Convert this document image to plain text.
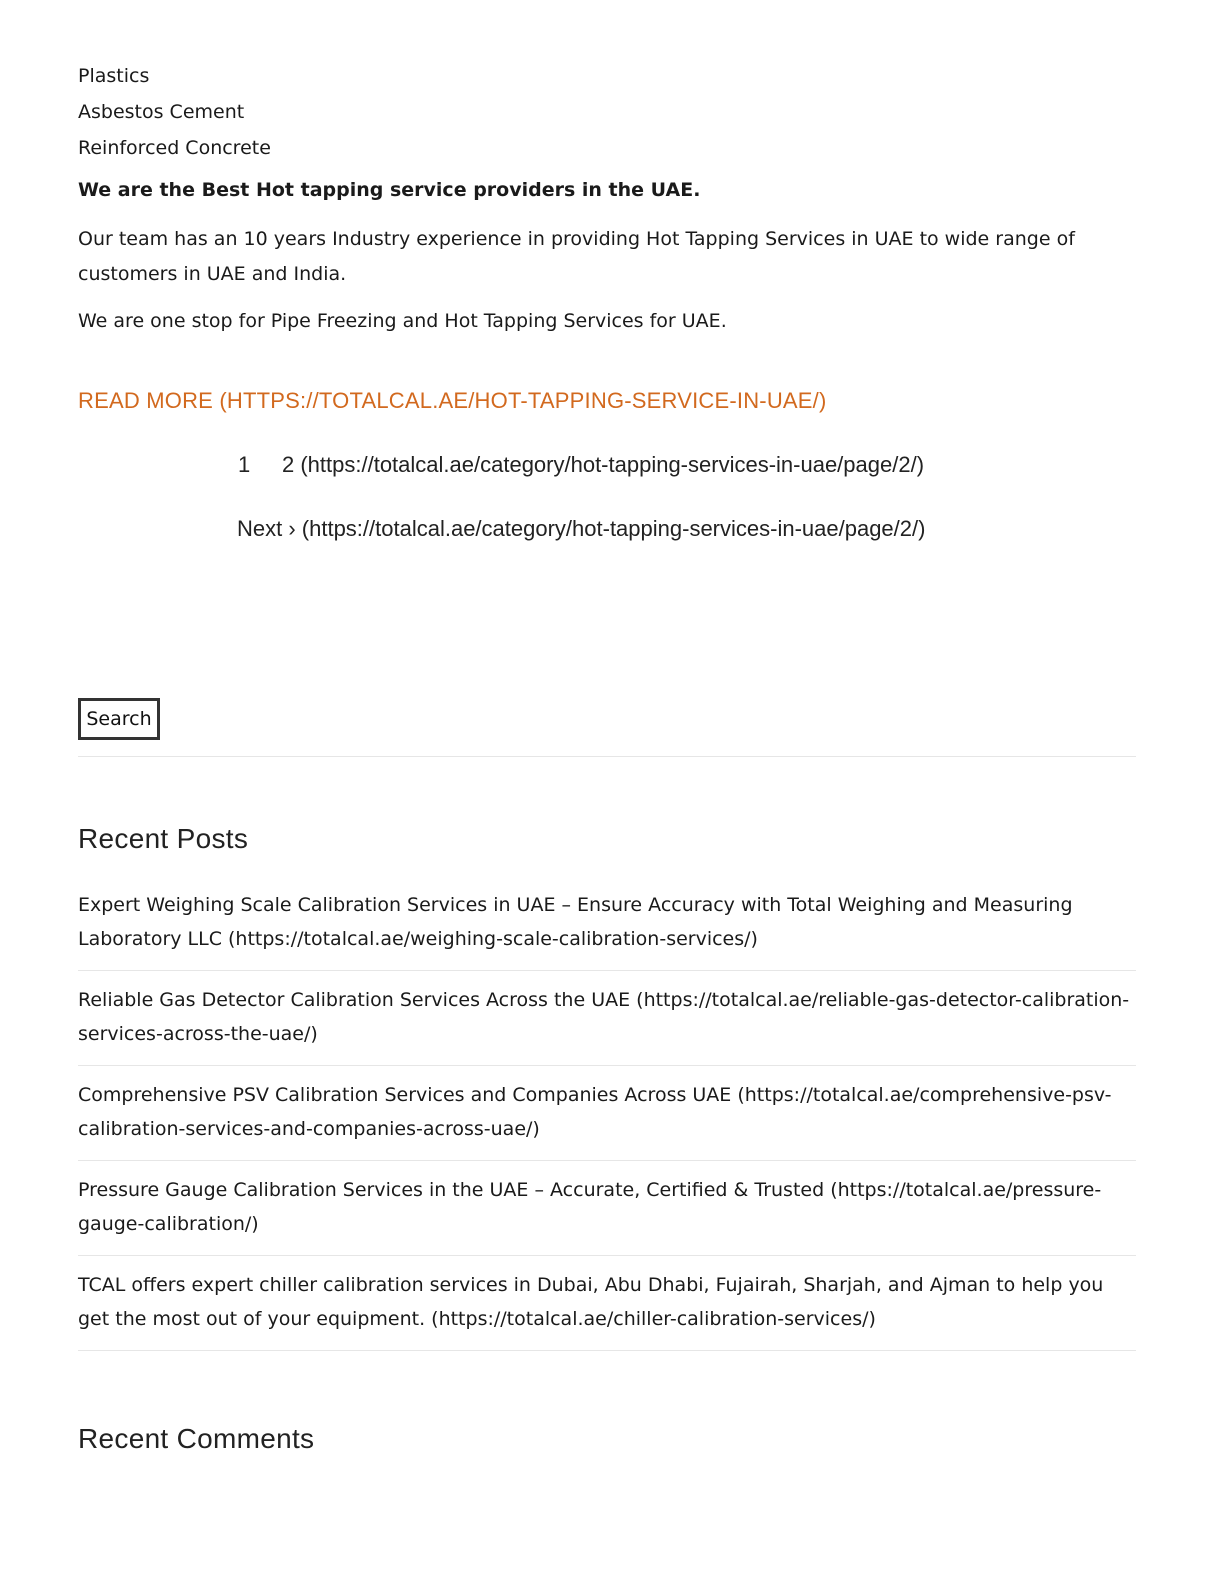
Plastics
Asbestos Cement
Reinforced Concrete
We are the Best Hot tapping service providers in the UAE.
Our team has an 10 years Industry experience in providing Hot Tapping Services in UAE to wide range of customers in UAE and India.
We are one stop for Pipe Freezing and Hot Tapping Services for UAE.
READ MORE (HTTPS://TOTALCAL.AE/HOT-TAPPING-SERVICE-IN-UAE/)
1 2 (https://totalcal.ae/category/hot-tapping-services-in-uae/page/2/)
Next › (https://totalcal.ae/category/hot-tapping-services-in-uae/page/2/)
Search
Recent Posts
Expert Weighing Scale Calibration Services in UAE – Ensure Accuracy with Total Weighing and Measuring Laboratory LLC (https://totalcal.ae/weighing-scale-calibration-services/)
Reliable Gas Detector Calibration Services Across the UAE (https://totalcal.ae/reliable-gas-detector-calibration-services-across-the-uae/)
Comprehensive PSV Calibration Services and Companies Across UAE (https://totalcal.ae/comprehensive-psv-calibration-services-and-companies-across-uae/)
Pressure Gauge Calibration Services in the UAE – Accurate, Certified & Trusted (https://totalcal.ae/pressure-gauge-calibration/)
TCAL offers expert chiller calibration services in Dubai, Abu Dhabi, Fujairah, Sharjah, and Ajman to help you get the most out of your equipment. (https://totalcal.ae/chiller-calibration-services/)
Recent Comments
